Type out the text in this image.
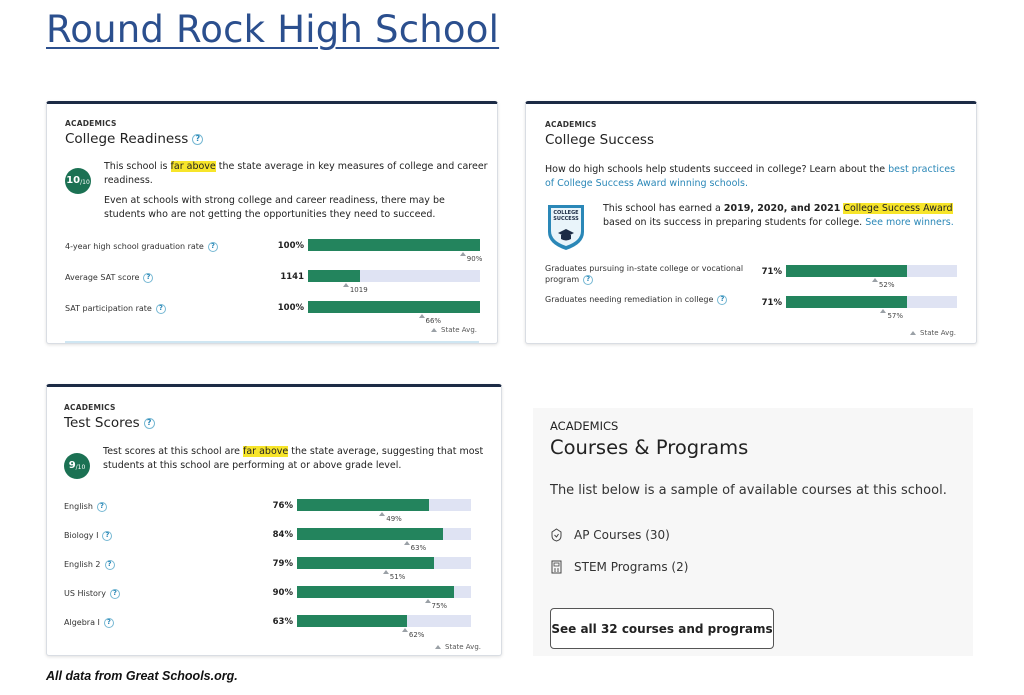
Round Rock High School
ACADEMICS
College Readiness ?
10 /10
This school is far above the state average in key measures of college and career readiness.
Even at schools with strong college and career readiness, there may be students who are not getting the opportunities they need to succeed.
4-year high school graduation rate ?	100%
90%
Average SAT score ?	1141
1019
SAT participation rate ?	100%
66%
State Avg.
ACADEMICS
College Success
How do high schools help students succeed in college? Learn about the best practices of College Success Award winning schools.
COLLEGE
SUCCESS
This school has earned a 2019, 2020, and 2021 College Success Award based on its success in preparing students for college. See more winners.
Graduates pursuing in-state college or vocational program ?
71%
52%
Graduates needing remediation in college ?	71%
57%
State Avg.
ACADEMICS
Test Scores ?
9 /10
Test scores at this school are far above the state average, suggesting that most students at this school are performing at or above grade level.
English ?	76%
49%
Biology I ?	84%
63%
English 2 ?	79%
51%
US History ?	90%
75%
Algebra I ?	63%
62%
State Avg.
ACADEMICS
Courses & Programs
The list below is a sample of available courses at this school.
AP Courses (30)
STEM Programs (2)
See all 32 courses and programs
All data from Great Schools.org.
